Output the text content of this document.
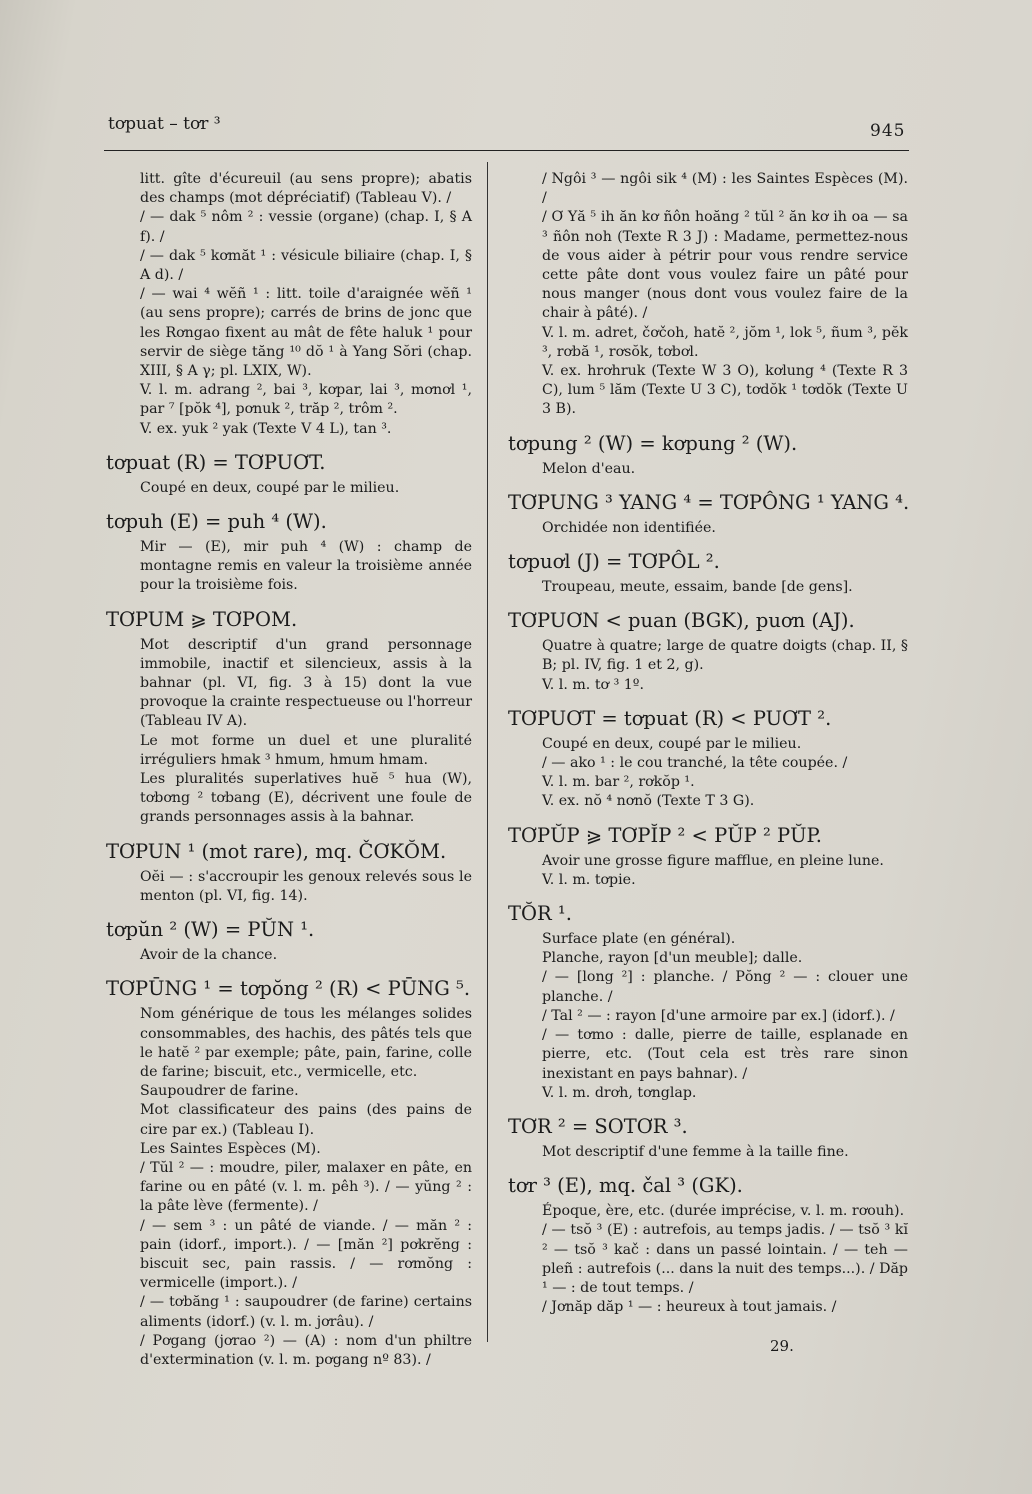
tơpuat – tơr ³	945

litt. gîte d'écureuil (au sens propre); abatis des champs (mot dépréciatif) (Tableau V). /

/ — dak ⁵ nôm ² : vessie (organe) (chap. I, § A f). /

/ — dak ⁵ kơmăt ¹ : vésicule biliaire (chap. I, § A d). /

/ — wai ⁴ wĕñ ¹ : litt. toile d'araignée wĕñ ¹ (au sens propre); carrés de brins de jonc que les Rơngao fixent au mât de fête haluk ¹ pour servir de siège tăng ¹⁰ dŏ ¹ à Yang Sŏri (chap. XIII, § A γ; pl. LXIX, W).

V. l. m. adrang ², bai ³, kơpar, lai ³, mơnơl ¹, par ⁷ [pŏk ⁴], pơnuk ², trăp ², trôm ².

V. ex. yuk ² yak (Texte V 4 L), tan ³.

tơpuat (R) = TƠPUƠT.

Coupé en deux, coupé par le milieu.

tơpuh (E) = puh ⁴ (W).

Mir — (E), mir puh ⁴ (W) : champ de montagne remis en valeur la troisième année pour la troisième fois.

TƠPUM ⪀ TƠPOM.

Mot descriptif d'un grand personnage immobile, inactif et silencieux, assis à la bahnar (pl. VI, fig. 3 à 15) dont la vue provoque la crainte respectueuse ou l'horreur (Tableau IV A).

Le mot forme un duel et une pluralité irréguliers hmak ³ hmum, hmum hmam.

Les pluralités superlatives huĕ ⁵ hua (W), tơbơng ² tơbang (E), décrivent une foule de grands personnages assis à la bahnar.

TƠPUN ¹ (mot rare), mq. ČƠKŎM.

Oĕi — : s'accroupir les genoux relevés sous le menton (pl. VI, fig. 14).

tơpŭn ² (W) = PŬN ¹.

Avoir de la chance.

TƠPŪNG ¹ = tơpŏng ² (R) < PŪNG ⁵.

Nom générique de tous les mélanges solides consommables, des hachis, des pâtés tels que le hatĕ ² par exemple; pâte, pain, farine, colle de farine; biscuit, etc., vermicelle, etc.

Saupoudrer de farine.

Mot classificateur des pains (des pains de cire par ex.) (Tableau I).

Les Saintes Espèces (M).

/ Tŭl ² — : moudre, piler, malaxer en pâte, en farine ou en pâté (v. l. m. pêh ³). / — yŭng ² : la pâte lève (fermente). /

/ — sem ³ : un pâté de viande. / — măn ² : pain (idorf., import.). / — [măn ²] pơkrĕng : biscuit sec, pain rassis. / — rơmŏng : vermicelle (import.). /

/ — tơbăng ¹ : saupoudrer (de farine) certains aliments (idorf.) (v. l. m. jơrâu). /

/ Pơgang (jơrao ²) — (A) : nom d'un philtre d'extermination (v. l. m. pơgang nº 83). /

/ Ngôi ³ — ngôi sik ⁴ (M) : les Saintes Espèces (M). /

/ Ơ Yă ⁵ ih ăn kơ ñôn hoăng ² tŭl ² ăn kơ ih oa — sa ³ ñôn noh (Texte R 3 J) : Madame, permettez-nous de vous aider à pétrir pour vous rendre service cette pâte dont vous voulez faire un pâté pour nous manger (nous dont vous voulez faire de la chair à pâté). /

V. l. m. adret, čơčoh, hatĕ ², jŏm ¹, lok ⁵, ñum ³, pĕk ³, rơbă ¹, rơsŏk, tơbơl.

V. ex. hrơhruk (Texte W 3 O), kơlung ⁴ (Texte R 3 C), lum ⁵ lăm (Texte U 3 C), tơdŏk ¹ tơdŏk (Texte U 3 B).

tơpung ² (W) = kơpung ² (W).

Melon d'eau.

TƠPUNG ³ YANG ⁴ = TƠPÔNG ¹ YANG ⁴.

Orchidée non identifiée.

tơpuơl (J) = TƠPÔL ².

Troupeau, meute, essaim, bande [de gens].

TƠPUƠN < puan (BGK), puơn (AJ).

Quatre à quatre; large de quatre doigts (chap. II, § B; pl. IV, fig. 1 et 2, g).

V. l. m. tơ ³ 1º.

TƠPUƠT = tơpuat (R) < PUƠT ².

Coupé en deux, coupé par le milieu.

/ — ako ¹ : le cou tranché, la tête coupée. /

V. l. m. bar ², rơkŏp ¹.

V. ex. nŏ ⁴ nơnŏ (Texte T 3 G).

TƠPŬP ⪀ TƠPĬP ² < PŬP ² PŬP.

Avoir une grosse figure mafflue, en pleine lune.

V. l. m. tơpie.

TŎR ¹.

Surface plate (en général).

Planche, rayon [d'un meuble]; dalle.

/ — [long ²] : planche. / Pŏng ² — : clouer une planche. /

/ Tal ² — : rayon [d'une armoire par ex.] (idorf.). /

/ — tơmo : dalle, pierre de taille, esplanade en pierre, etc. (Tout cela est très rare sinon inexistant en pays bahnar). /

V. l. m. drơh, tơnglap.

TƠR ² = SOTƠR ³.

Mot descriptif d'une femme à la taille fine.

tơr ³ (E), mq. čal ³ (GK).

Époque, ère, etc. (durée imprécise, v. l. m. rơouh).

/ — tsŏ ³ (E) : autrefois, au temps jadis. / — tsŏ ³ kĭ ² — tsŏ ³ kač : dans un passé lointain. / — teh — pleñ : autrefois (... dans la nuit des temps...). / Dăp ¹ — : de tout temps. /

/ Jơnăp dăp ¹ — : heureux à tout jamais. /

29.
